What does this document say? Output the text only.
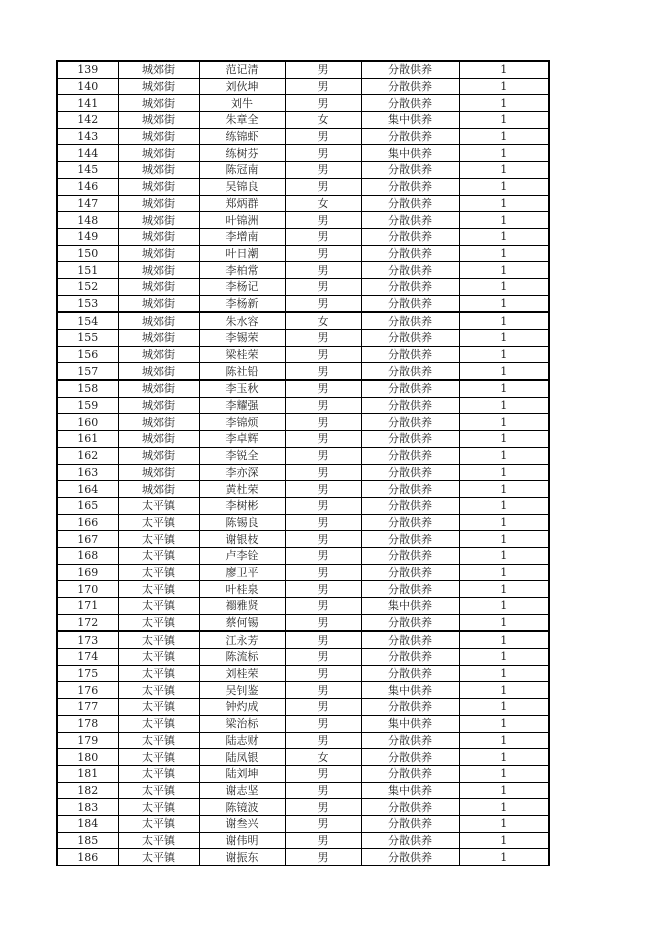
139	城郊街	范记清	男	分散供养	1
140	城郊街	刘伙坤	男	分散供养	1
141	城郊街	刘牛	男	分散供养	1
142	城郊街	朱章全	女	集中供养	1
143	城郊街	练锦虾	男	分散供养	1
144	城郊街	练树芬	男	集中供养	1
145	城郊街	陈冠南	男	分散供养	1
146	城郊街	吴锦良	男	分散供养	1
147	城郊街	郑炳群	女	分散供养	1
148	城郊街	叶锦洲	男	分散供养	1
149	城郊街	李增南	男	分散供养	1
150	城郊街	叶日潮	男	分散供养	1
151	城郊街	李柏常	男	分散供养	1
152	城郊街	李杨记	男	分散供养	1
153	城郊街	李杨新	男	分散供养	1
154	城郊街	朱水容	女	分散供养	1
155	城郊街	李锡荣	男	分散供养	1
156	城郊街	梁桂荣	男	分散供养	1
157	城郊街	陈社铅	男	分散供养	1
158	城郊街	李玉秋	男	分散供养	1
159	城郊街	李耀强	男	分散供养	1
160	城郊街	李锦烦	男	分散供养	1
161	城郊街	李卓辉	男	分散供养	1
162	城郊街	李锐全	男	分散供养	1
163	城郊街	李亦深	男	分散供养	1
164	城郊街	黄杜荣	男	分散供养	1
165	太平镇	李树彬	男	分散供养	1
166	太平镇	陈锡良	男	分散供养	1
167	太平镇	谢银枝	男	分散供养	1
168	太平镇	卢李铨	男	分散供养	1
169	太平镇	廖卫平	男	分散供养	1
170	太平镇	叶桂泉	男	分散供养	1
171	太平镇	禤雅贤	男	集中供养	1
172	太平镇	蔡何锡	男	分散供养	1
173	太平镇	江永芳	男	分散供养	1
174	太平镇	陈流标	男	分散供养	1
175	太平镇	刘桂荣	男	分散供养	1
176	太平镇	吴钊鉴	男	集中供养	1
177	太平镇	钟灼成	男	分散供养	1
178	太平镇	梁治标	男	集中供养	1
179	太平镇	陆志财	男	分散供养	1
180	太平镇	陆凤银	女	分散供养	1
181	太平镇	陆刘坤	男	分散供养	1
182	太平镇	谢志坚	男	集中供养	1
183	太平镇	陈镜波	男	分散供养	1
184	太平镇	谢叁兴	男	分散供养	1
185	太平镇	谢伟明	男	分散供养	1
186	太平镇	谢振东	男	分散供养	1
